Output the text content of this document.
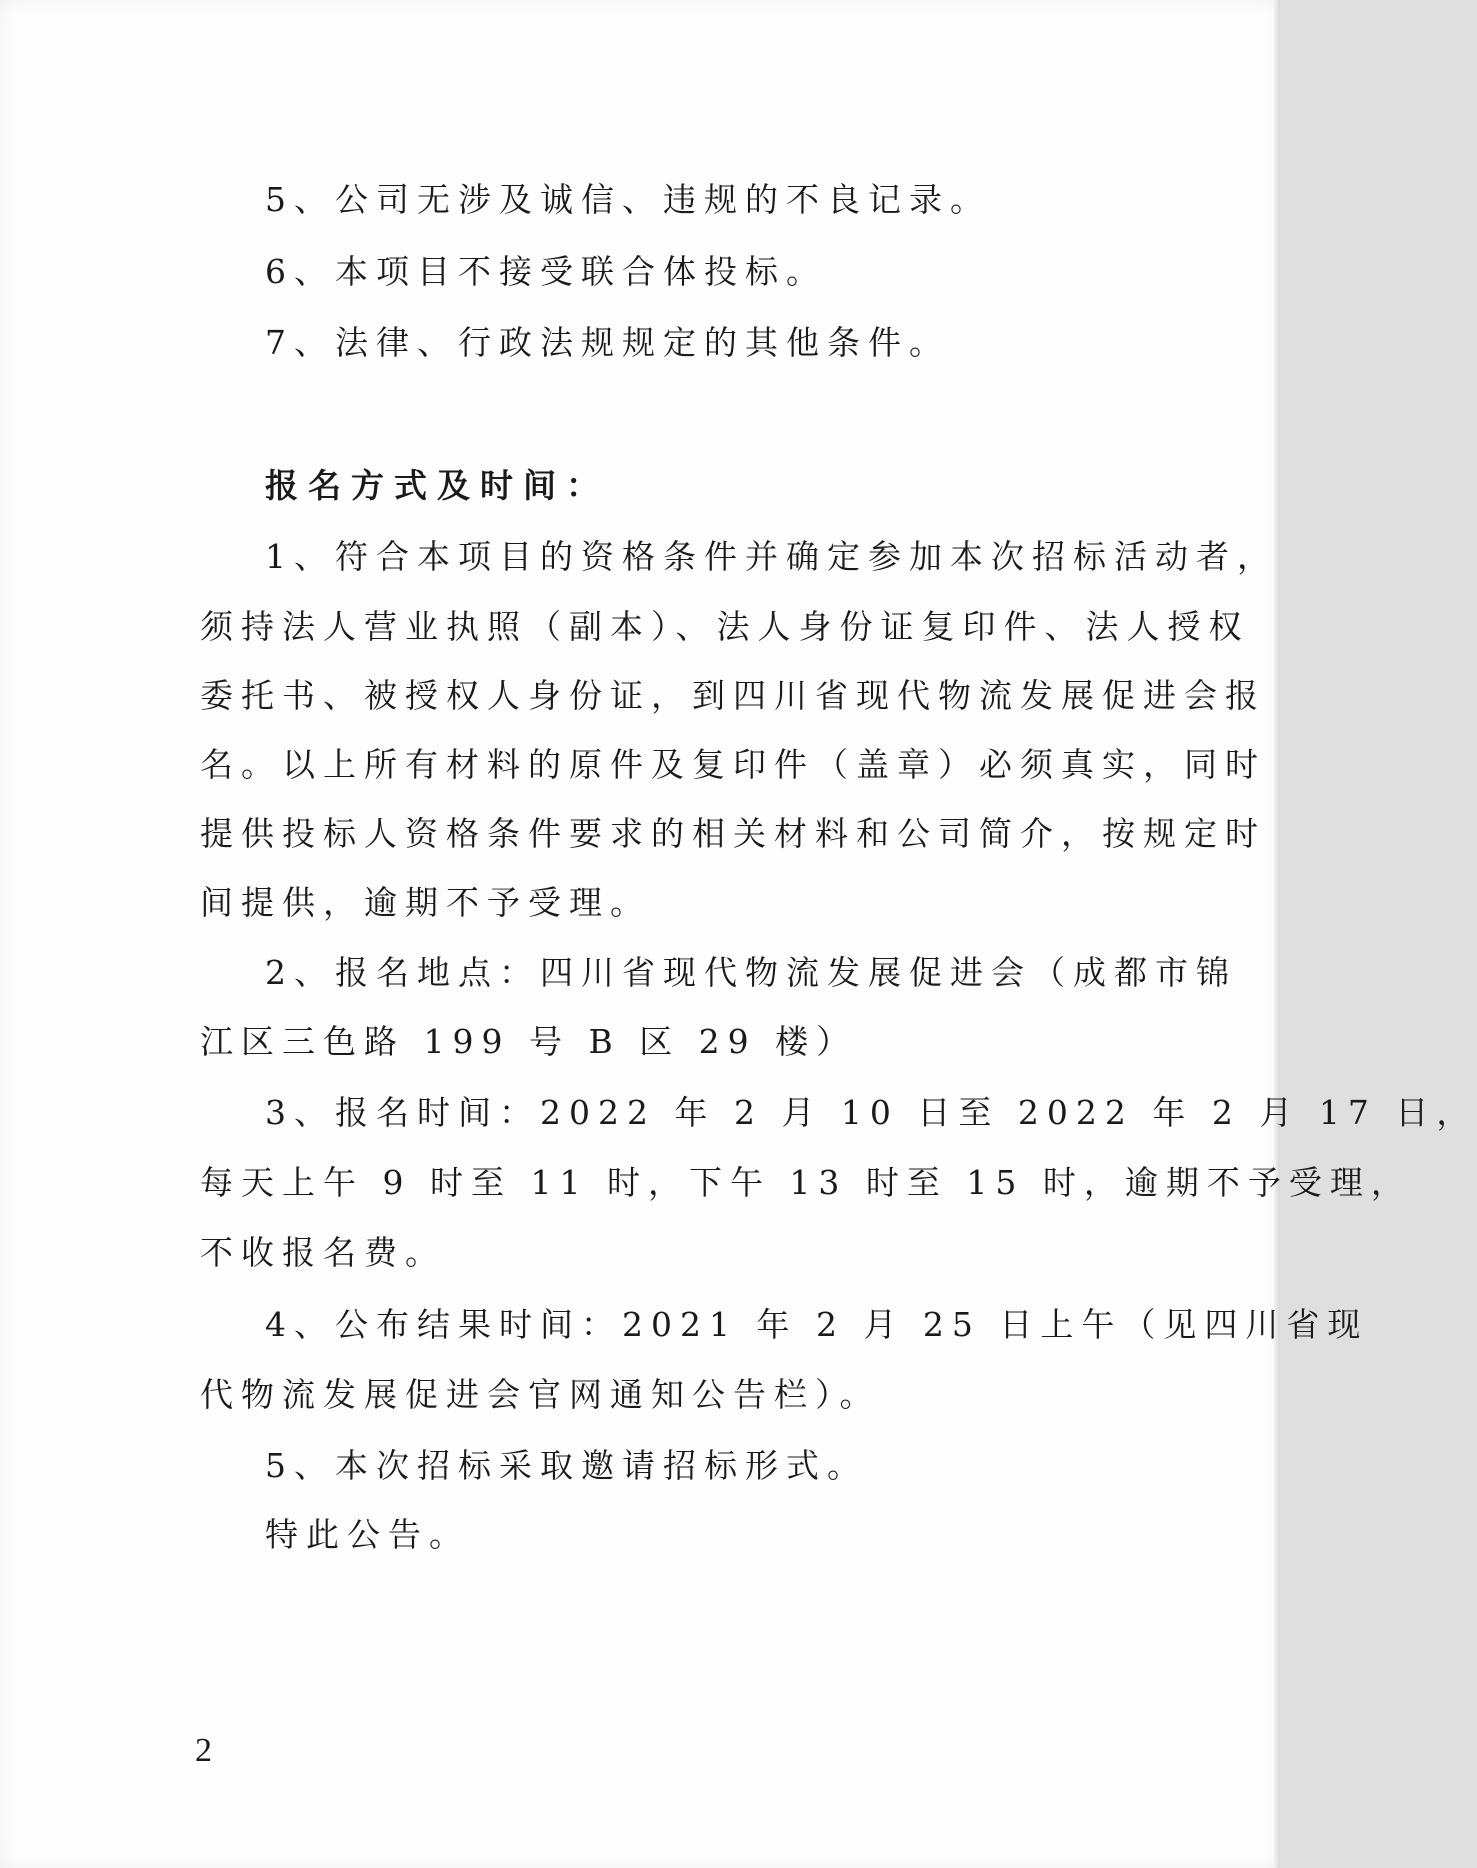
5、公司无涉及诚信、违规的不良记录。
6、本项目不接受联合体投标。
7、法律、行政法规规定的其他条件。
报名方式及时间：
1、符合本项目的资格条件并确定参加本次招标活动者，
须持法人营业执照（副本）、法人身份证复印件、法人授权
委托书、被授权人身份证，到四川省现代物流发展促进会报
名。以上所有材料的原件及复印件（盖章）必须真实，同时
提供投标人资格条件要求的相关材料和公司简介，按规定时
间提供，逾期不予受理。
2、报名地点：四川省现代物流发展促进会（成都市锦
江区三色路 199 号 B 区 29 楼）
3、报名时间：2022 年 2 月 10 日至 2022 年 2 月 17 日，
每天上午 9 时至 11 时，下午 13 时至 15 时，逾期不予受理，
不收报名费。
4、公布结果时间：2021 年 2 月 25 日上午（见四川省现
代物流发展促进会官网通知公告栏）。
5、本次招标采取邀请招标形式。
特此公告。
2
